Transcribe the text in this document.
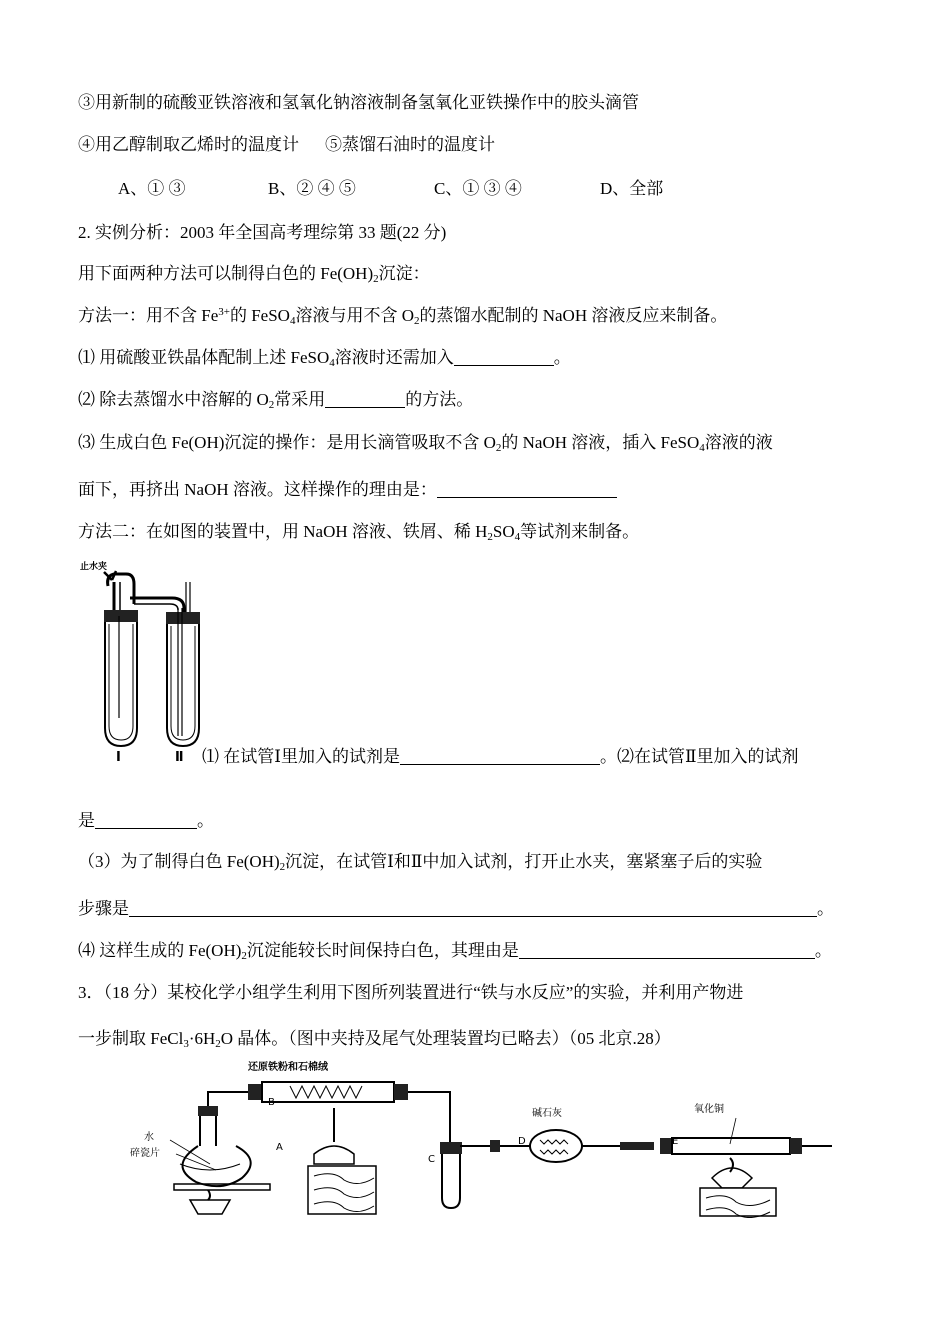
③用新制的硫酸亚铁溶液和氢氧化钠溶液制备氢氧化亚铁操作中的胶头滴管
④用乙醇制取乙烯时的温度计 ⑤蒸馏石油时的温度计
A、① ③	B、② ④ ⑤	C、① ③ ④	D、全部
2. 实例分析：2003 年全国高考理综第 33 题(22 分)
用下面两种方法可以制得白色的 $Fe(OH)_2$沉淀：
方法一：用不含 $Fe^{3+}$的 FeSO$_4$溶液与用不含 $O_2$的蒸馏水配制的 NaOH 溶液反应来制备。
⑴ 用硫酸亚铁晶体配制上述 FeSO$_4$溶液时还需加入	。
⑵ 除去蒸馏水中溶解的 $O_2$常采用	的方法。
⑶ 生成白色 Fe(OH)沉淀的操作：是用长滴管吸取不含 $O_2$的 NaOH 溶液，插入 FeSO$_4$溶液的液
面下，再挤出 NaOH 溶液。这样操作的理由是：
方法二：在如图的装置中，用 NaOH 溶液、铁屑、稀 $H_2SO_4$等试剂来制备。
止水夹
Ⅰ	Ⅱ ⑴ 在试管Ⅰ里加入的试剂是	。⑵在试管Ⅱ里加入的试剂
是	。
（3）为了制得白色 $Fe(OH)_2$沉淀，在试管Ⅰ和Ⅱ中加入试剂，打开止水夹，塞紧塞子后的实验
步骤是	。
⑷ 这样生成的 $Fe(OH)_2$沉淀能较长时间保持白色，其理由是	。
3．（18 分）某校化学小组学生利用下图所列装置进行“铁与水反应”的实验，并利用产物进
一步制取 $FeCl_3\cdot 6H_2O$ 晶体。（图中夹持及尾气处理装置均已略去）（05 北京.28）
还原铁粉和石棉绒
水
碎瓷片
A
B
C
D	E
碱石灰	氧化铜
